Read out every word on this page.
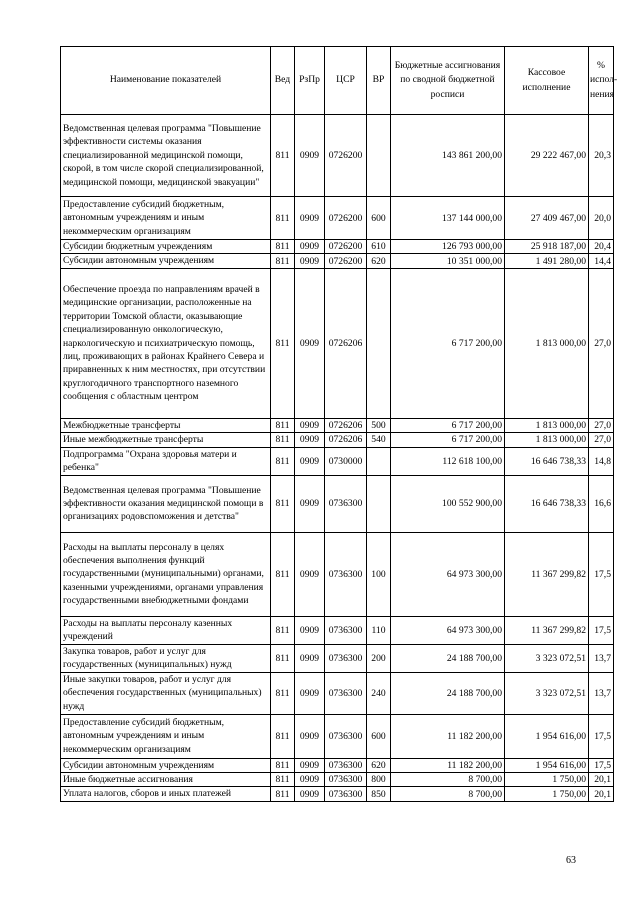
Наименование показателей	Вед	РзПр	ЦСР	ВР	Бюджетные ассигнования по сводной бюджетной росписи	Кассовое исполнение	% испол-нения
Ведомственная целевая программа "Повышение эффективности системы оказания специализированной медицинской помощи, скорой, в том числе скорой специализированной, медицинской помощи, медицинской эвакуации"	811	0909	0726200		143 861 200,00	29 222 467,00	20,3
Предоставление субсидий бюджетным, автономным учреждениям и иным некоммерческим организациям	811	0909	0726200	600	137 144 000,00	27 409 467,00	20,0
Субсидии бюджетным учреждениям	811	0909	0726200	610	126 793 000,00	25 918 187,00	20,4
Субсидии автономным учреждениям	811	0909	0726200	620	10 351 000,00	1 491 280,00	14,4
Обеспечение проезда по направлениям врачей в медицинские организации, расположенные на территории Томской области, оказывающие специализированную онкологическую, наркологическую и психиатрическую помощь, лиц, проживающих в районах Крайнего Севера и приравненных к ним местностях, при отсутствии круглогодичного транспортного наземного сообщения с областным центром	811	0909	0726206		6 717 200,00	1 813 000,00	27,0
Межбюджетные трансферты	811	0909	0726206	500	6 717 200,00	1 813 000,00	27,0
Иные межбюджетные трансферты	811	0909	0726206	540	6 717 200,00	1 813 000,00	27,0
Подпрограмма "Охрана здоровья матери и ребенка"	811	0909	0730000		112 618 100,00	16 646 738,33	14,8
Ведомственная целевая программа "Повышение эффективности оказания медицинской помощи в организациях родовспоможения и детства"	811	0909	0736300		100 552 900,00	16 646 738,33	16,6
Расходы на выплаты персоналу в целях обеспечения выполнения функций государственными (муниципальными) органами, казенными учреждениями, органами управления государственными внебюджетными фондами	811	0909	0736300	100	64 973 300,00	11 367 299,82	17,5
Расходы на выплаты персоналу казенных учреждений	811	0909	0736300	110	64 973 300,00	11 367 299,82	17,5
Закупка товаров, работ и услуг для государственных (муниципальных) нужд	811	0909	0736300	200	24 188 700,00	3 323 072,51	13,7
Иные закупки товаров, работ и услуг для обеспечения государственных (муниципальных) нужд	811	0909	0736300	240	24 188 700,00	3 323 072,51	13,7
Предоставление субсидий бюджетным, автономным учреждениям и иным некоммерческим организациям	811	0909	0736300	600	11 182 200,00	1 954 616,00	17,5
Субсидии автономным учреждениям	811	0909	0736300	620	11 182 200,00	1 954 616,00	17,5
Иные бюджетные ассигнования	811	0909	0736300	800	8 700,00	1 750,00	20,1
Уплата налогов, сборов и иных платежей	811	0909	0736300	850	8 700,00	1 750,00	20,1
63
